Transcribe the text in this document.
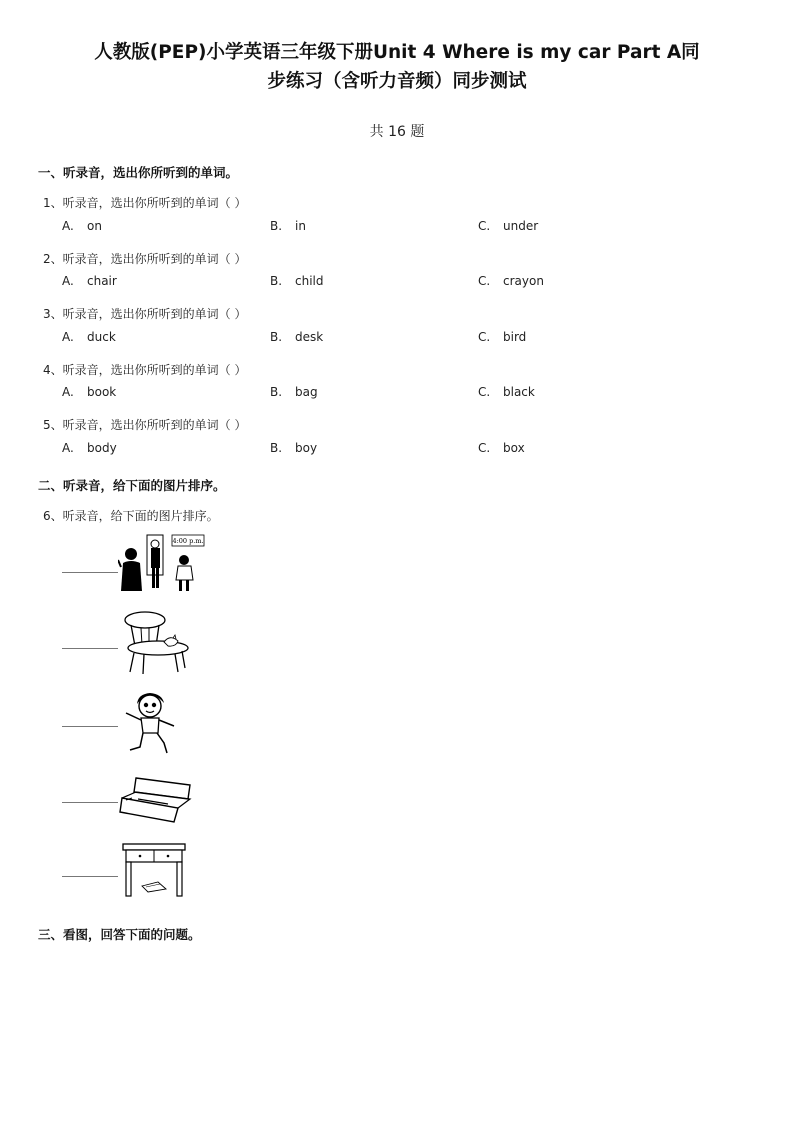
人教版(PEP)小学英语三年级下册Unit 4 Where is my car Part A同
步练习（含听力音频）同步测试
共 16 题
一、听录音，选出你所听到的单词。
1、听录音，选出你所听到的单词（ ）
A. on	B. in	C. under
2、听录音，选出你所听到的单词（ ）
A. chair	B. child	C. crayon
3、听录音，选出你所听到的单词（ ）
A. duck	B. desk	C. bird
4、听录音，选出你所听到的单词（ ）
A. book	B. bag	C. black
5、听录音，选出你所听到的单词（ ）
A. body	B. boy	C. box
二、听录音，给下面的图片排序。
6、听录音，给下面的图片排序。
4:00 p.m.
三、看图，回答下面的问题。
